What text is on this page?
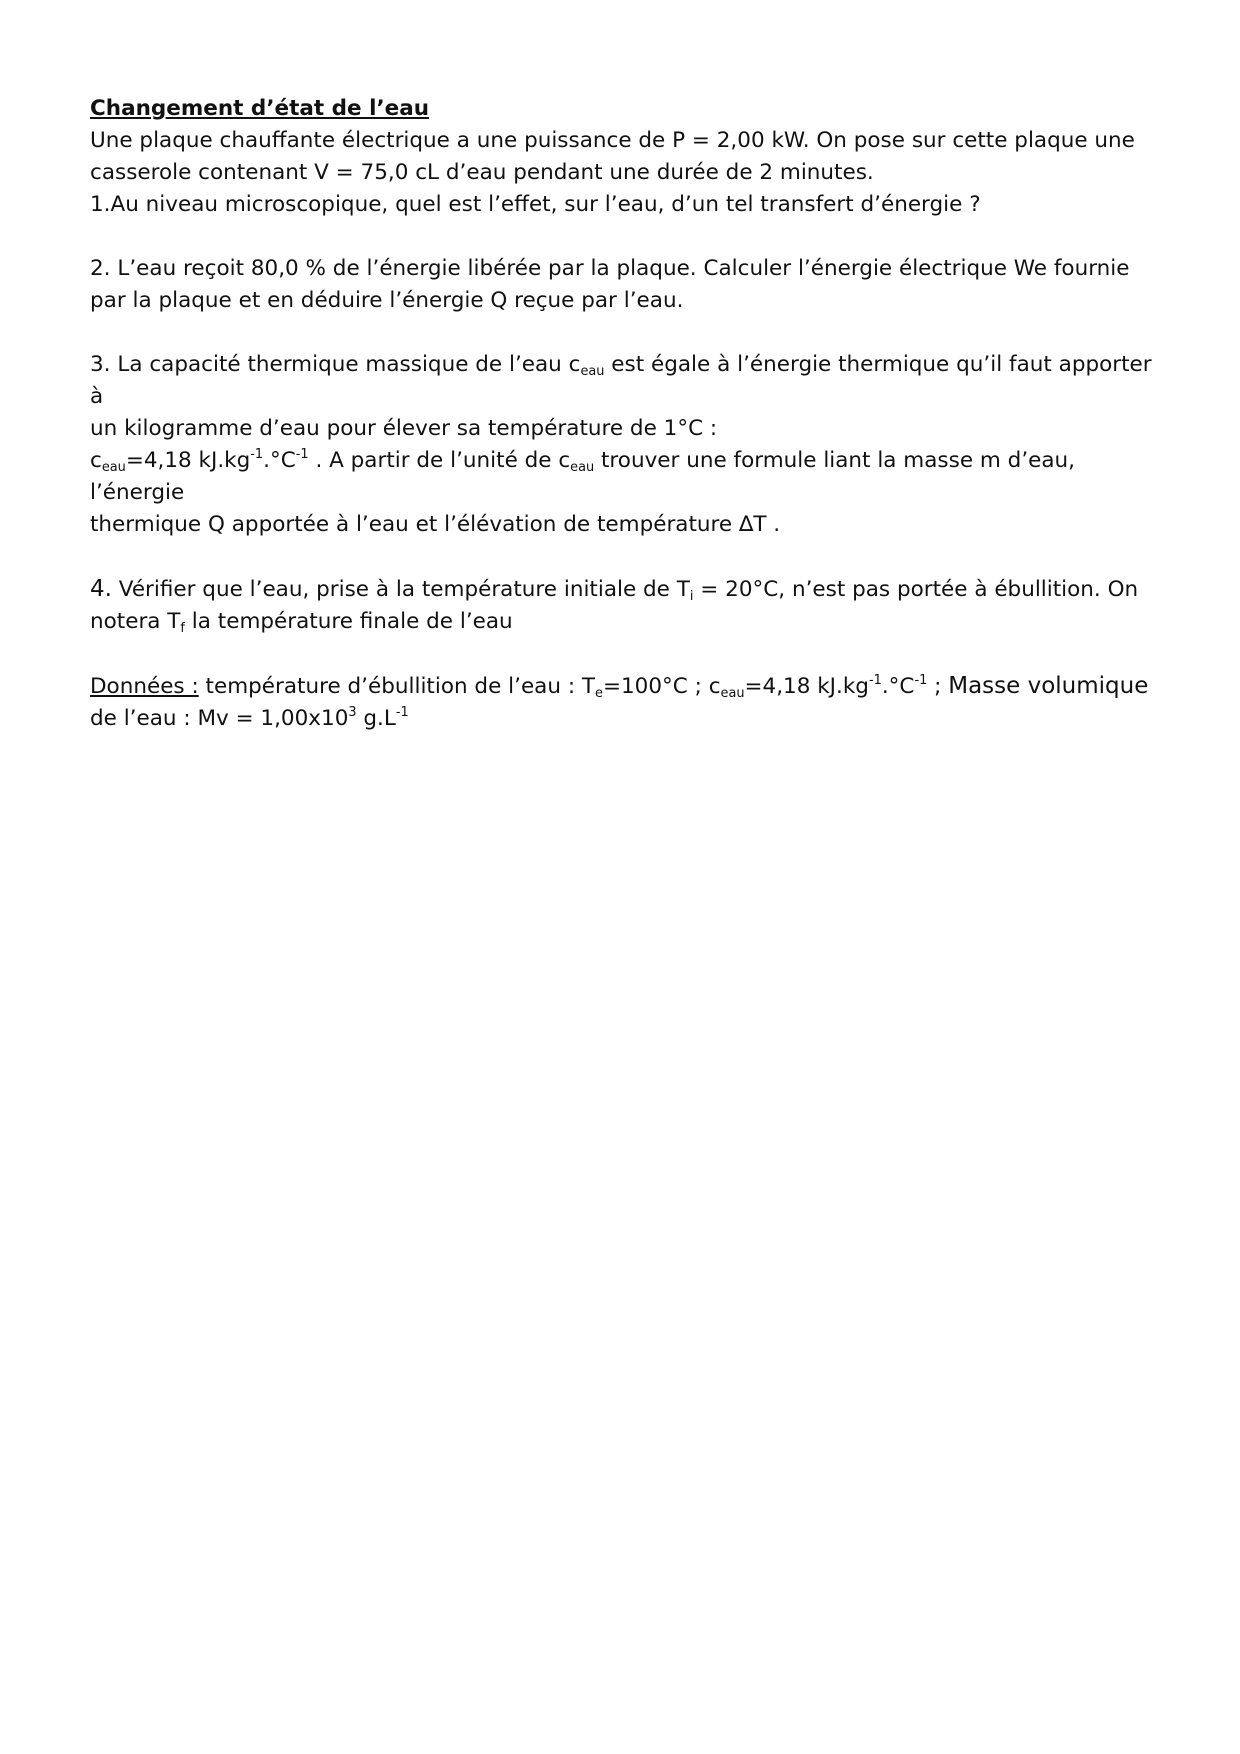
Changement d’état de l’eau
Une plaque chauffante électrique a une puissance de P = 2,00 kW. On pose sur cette plaque une
casserole contenant V = 75,0 cL d’eau pendant une durée de 2 minutes.
1.Au niveau microscopique, quel est l’effet, sur l’eau, d’un tel transfert d’énergie ?
2. L’eau reçoit 80,0 % de l’énergie libérée par la plaque. Calculer l’énergie électrique We fournie
par la plaque et en déduire l’énergie Q reçue par l’eau.
3. La capacité thermique massique de l’eau $c_{eau}$ est égale à l’énergie thermique qu’il faut apporter à
un kilogramme d’eau pour élever sa température de 1°C :
$c_{eau}=4,18$ $kJ.kg^{-1}.^\circ C^{-1}$ . A partir de l’unité de $c_{eau}$ trouver une formule liant la masse m d’eau, l’énergie
thermique Q apportée à l’eau et l’élévation de température ∆T .
4. Vérifier que l’eau, prise à la température initiale de $T_i = 20^\circ C$, n’est pas portée à ébullition. On
notera $T_f$ la température finale de l’eau
Données : température d’ébullition de l’eau : $T_e=100^\circ C$ ; $c_{eau}=4,18$ $kJ.kg^{-1}.^\circ C^{-1}$ ; Masse volumique
de l’eau : $Mv = 1,00x10^3$ $g.L^{-1}$
